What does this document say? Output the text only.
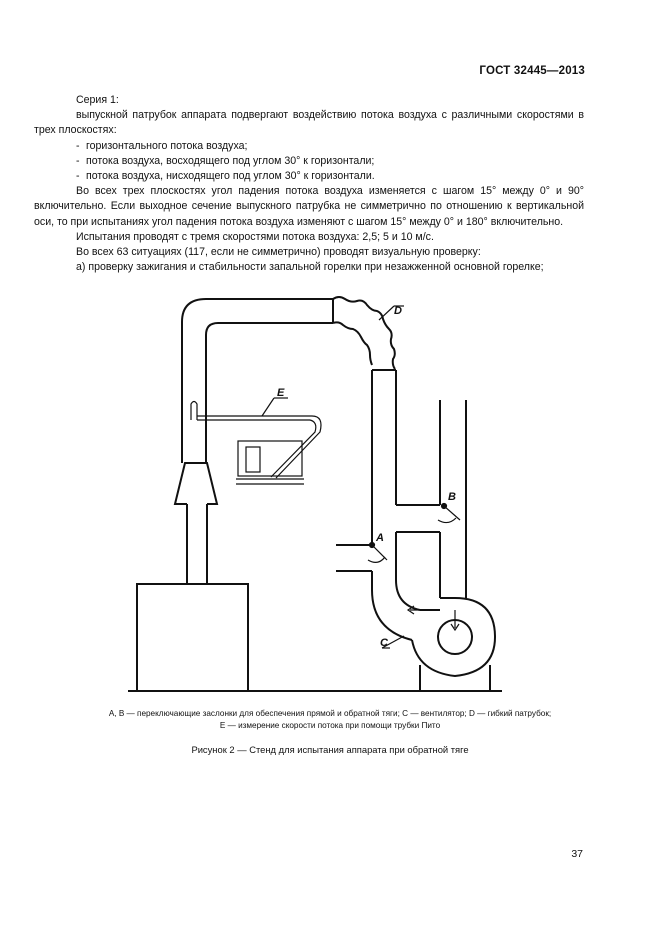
ГОСТ 32445—2013

Серия 1:

выпускной патрубок аппарата подвергают воздействию потока воздуха с различными скоростями в трех плоскостях:

- горизонтального потока воздуха;

- потока воздуха, восходящего под углом 30° к горизонтали;

- потока воздуха, нисходящего под углом 30° к горизонтали.

Во всех трех плоскостях угол падения потока воздуха изменяется с шагом 15° между 0° и 90° включительно. Если выходное сечение выпускного патрубка не симметрично по отношению к вертикальной оси, то при испытаниях угол падения потока воздуха изменяют с шагом 15° между 0° и 180° включительно.

Испытания проводят с тремя скоростями потока воздуха: 2,5; 5 и 10 м/с.

Во всех 63 ситуациях (117, если не симметрично) проводят визуальную проверку:

а) проверку зажигания и стабильности запальной горелки при незажженной основной горелке;

D
E
B
A
C
A, B — переключающие заслонки для обеспечения прямой и обратной тяги; C — вентилятор; D — гибкий патрубок;
E — измерение скорости потока при помощи трубки Пито
Рисунок 2 — Стенд для испытания аппарата при обратной тяге
37
